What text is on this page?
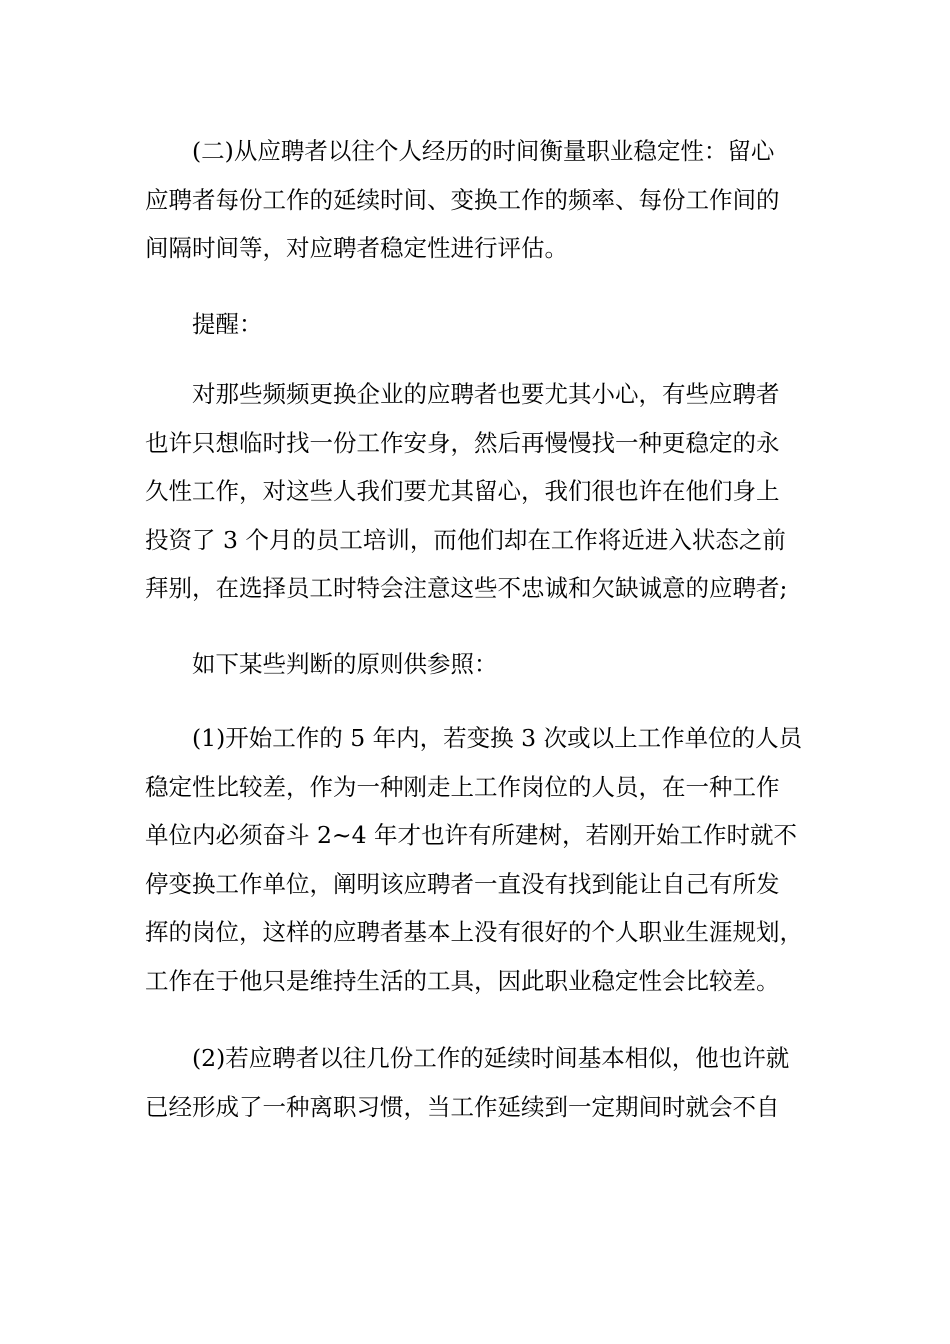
(二)从应聘者以往个人经历的时间衡量职业稳定性：留心
应聘者每份工作的延续时间、变换工作的频率、每份工作间的
间隔时间等，对应聘者稳定性进行评估。

提醒：

对那些频频更换企业的应聘者也要尤其小心，有些应聘者
也许只想临时找一份工作安身，然后再慢慢找一种更稳定的永
久性工作，对这些人我们要尤其留心，我们很也许在他们身上
投资了 3 个月的员工培训，而他们却在工作将近进入状态之前
拜别，在选择员工时特会注意这些不忠诚和欠缺诚意的应聘者;

如下某些判断的原则供参照：

(1)开始工作的 5 年内，若变换 3 次或以上工作单位的人员
稳定性比较差，作为一种刚走上工作岗位的人员，在一种工作
单位内必须奋斗 2~4 年才也许有所建树，若刚开始工作时就不
停变换工作单位，阐明该应聘者一直没有找到能让自己有所发
挥的岗位，这样的应聘者基本上没有很好的个人职业生涯规划，
工作在于他只是维持生活的工具，因此职业稳定性会比较差。

(2)若应聘者以往几份工作的延续时间基本相似，他也许就
已经形成了一种离职习惯，当工作延续到一定期间时就会不自
